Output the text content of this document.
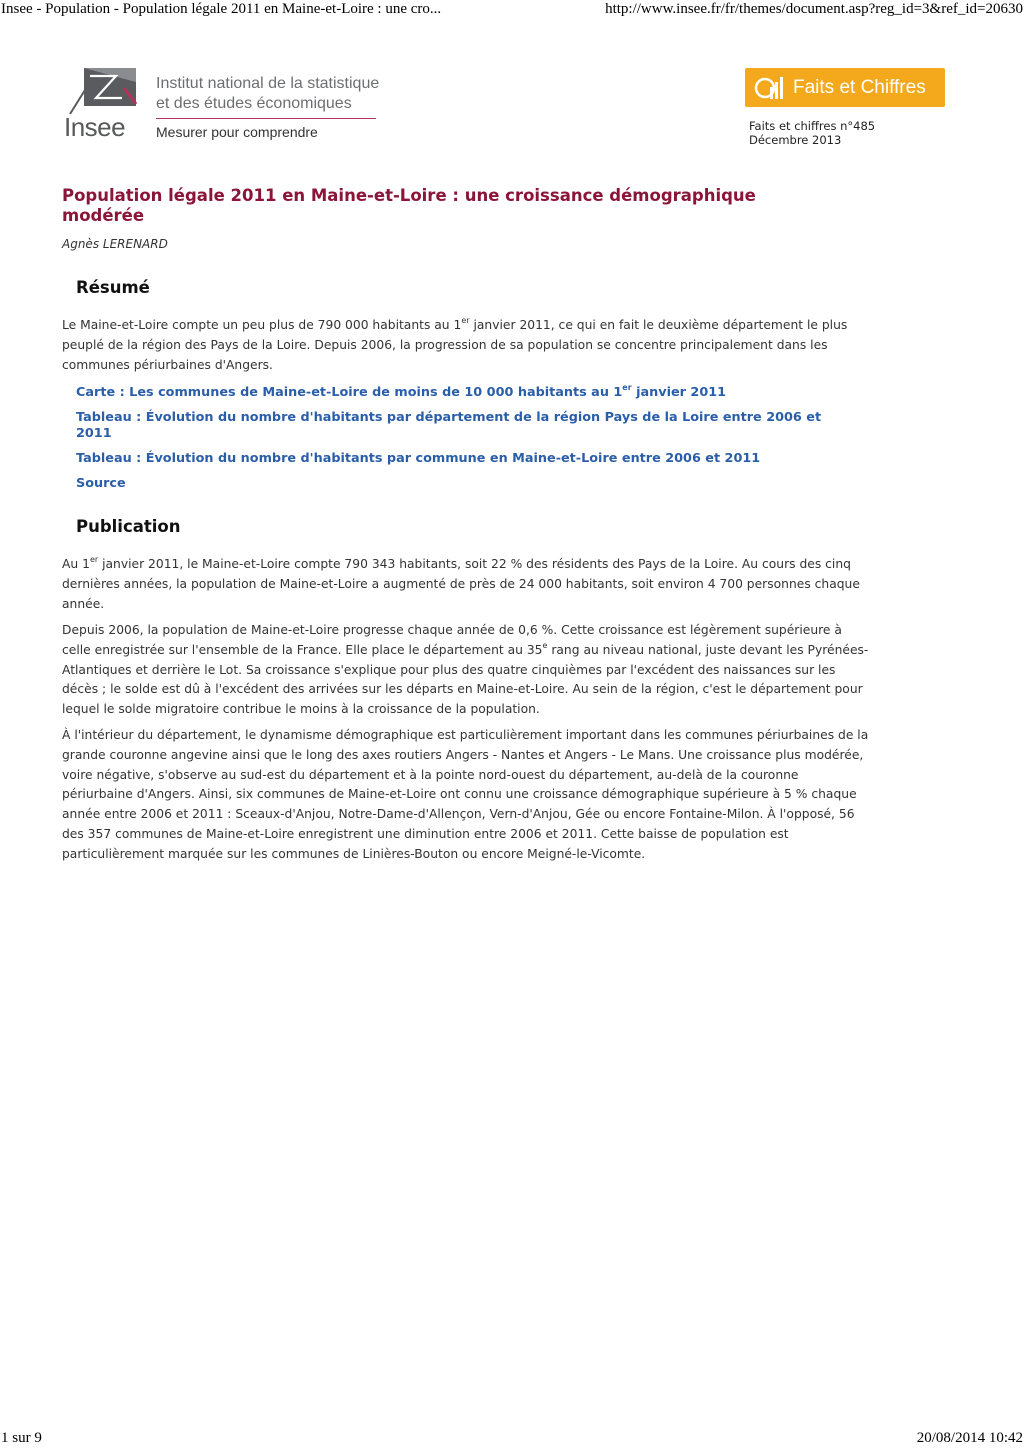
Insee - Population - Population légale 2011 en Maine-et-Loire : une cro...	http://www.insee.fr/fr/themes/document.asp?reg_id=3&ref_id=20630
Insee
Institut national de la statistique
et des études économiques
Mesurer pour comprendre
Faits et Chiffres
Faits et chiffres n°485
Décembre 2013
Population légale 2011 en Maine-et-Loire : une croissance démographique modérée
Agnès LERENARD
Résumé

Le Maine-et-Loire compte un peu plus de 790 000 habitants au 1er janvier 2011, ce qui en fait le deuxième département le plus peuplé de la région des Pays de la Loire. Depuis 2006, la progression de sa population se concentre principalement dans les communes périurbaines d'Angers.

Carte : Les communes de Maine-et-Loire de moins de 10 000 habitants au 1er janvier 2011
Tableau : Évolution du nombre d'habitants par département de la région Pays de la Loire entre 2006 et 2011
Tableau : Évolution du nombre d'habitants par commune en Maine-et-Loire entre 2006 et 2011
Source
Publication

Au 1er janvier 2011, le Maine-et-Loire compte 790 343 habitants, soit 22 % des résidents des Pays de la Loire. Au cours des cinq dernières années, la population de Maine-et-Loire a augmenté de près de 24 000 habitants, soit environ 4 700 personnes chaque année.

Depuis 2006, la population de Maine-et-Loire progresse chaque année de 0,6 %. Cette croissance est légèrement supérieure à celle enregistrée sur l'ensemble de la France. Elle place le département au 35e rang au niveau national, juste devant les Pyrénées-Atlantiques et derrière le Lot. Sa croissance s'explique pour plus des quatre cinquièmes par l'excédent des naissances sur les décès ; le solde est dû à l'excédent des arrivées sur les départs en Maine-et-Loire. Au sein de la région, c'est le département pour lequel le solde migratoire contribue le moins à la croissance de la population.

À l'intérieur du département, le dynamisme démographique est particulièrement important dans les communes périurbaines de la grande couronne angevine ainsi que le long des axes routiers Angers - Nantes et Angers - Le Mans. Une croissance plus modérée, voire négative, s'observe au sud-est du département et à la pointe nord-ouest du département, au-delà de la couronne périurbaine d'Angers. Ainsi, six communes de Maine-et-Loire ont connu une croissance démographique supérieure à 5 % chaque année entre 2006 et 2011 : Sceaux-d'Anjou, Notre-Dame-d'Allençon, Vern-d'Anjou, Gée ou encore Fontaine-Milon. À l'opposé, 56 des 357 communes de Maine-et-Loire enregistrent une diminution entre 2006 et 2011. Cette baisse de population est particulièrement marquée sur les communes de Linières-Bouton ou encore Meigné-le-Vicomte.

1 sur 9	20/08/2014 10:42
